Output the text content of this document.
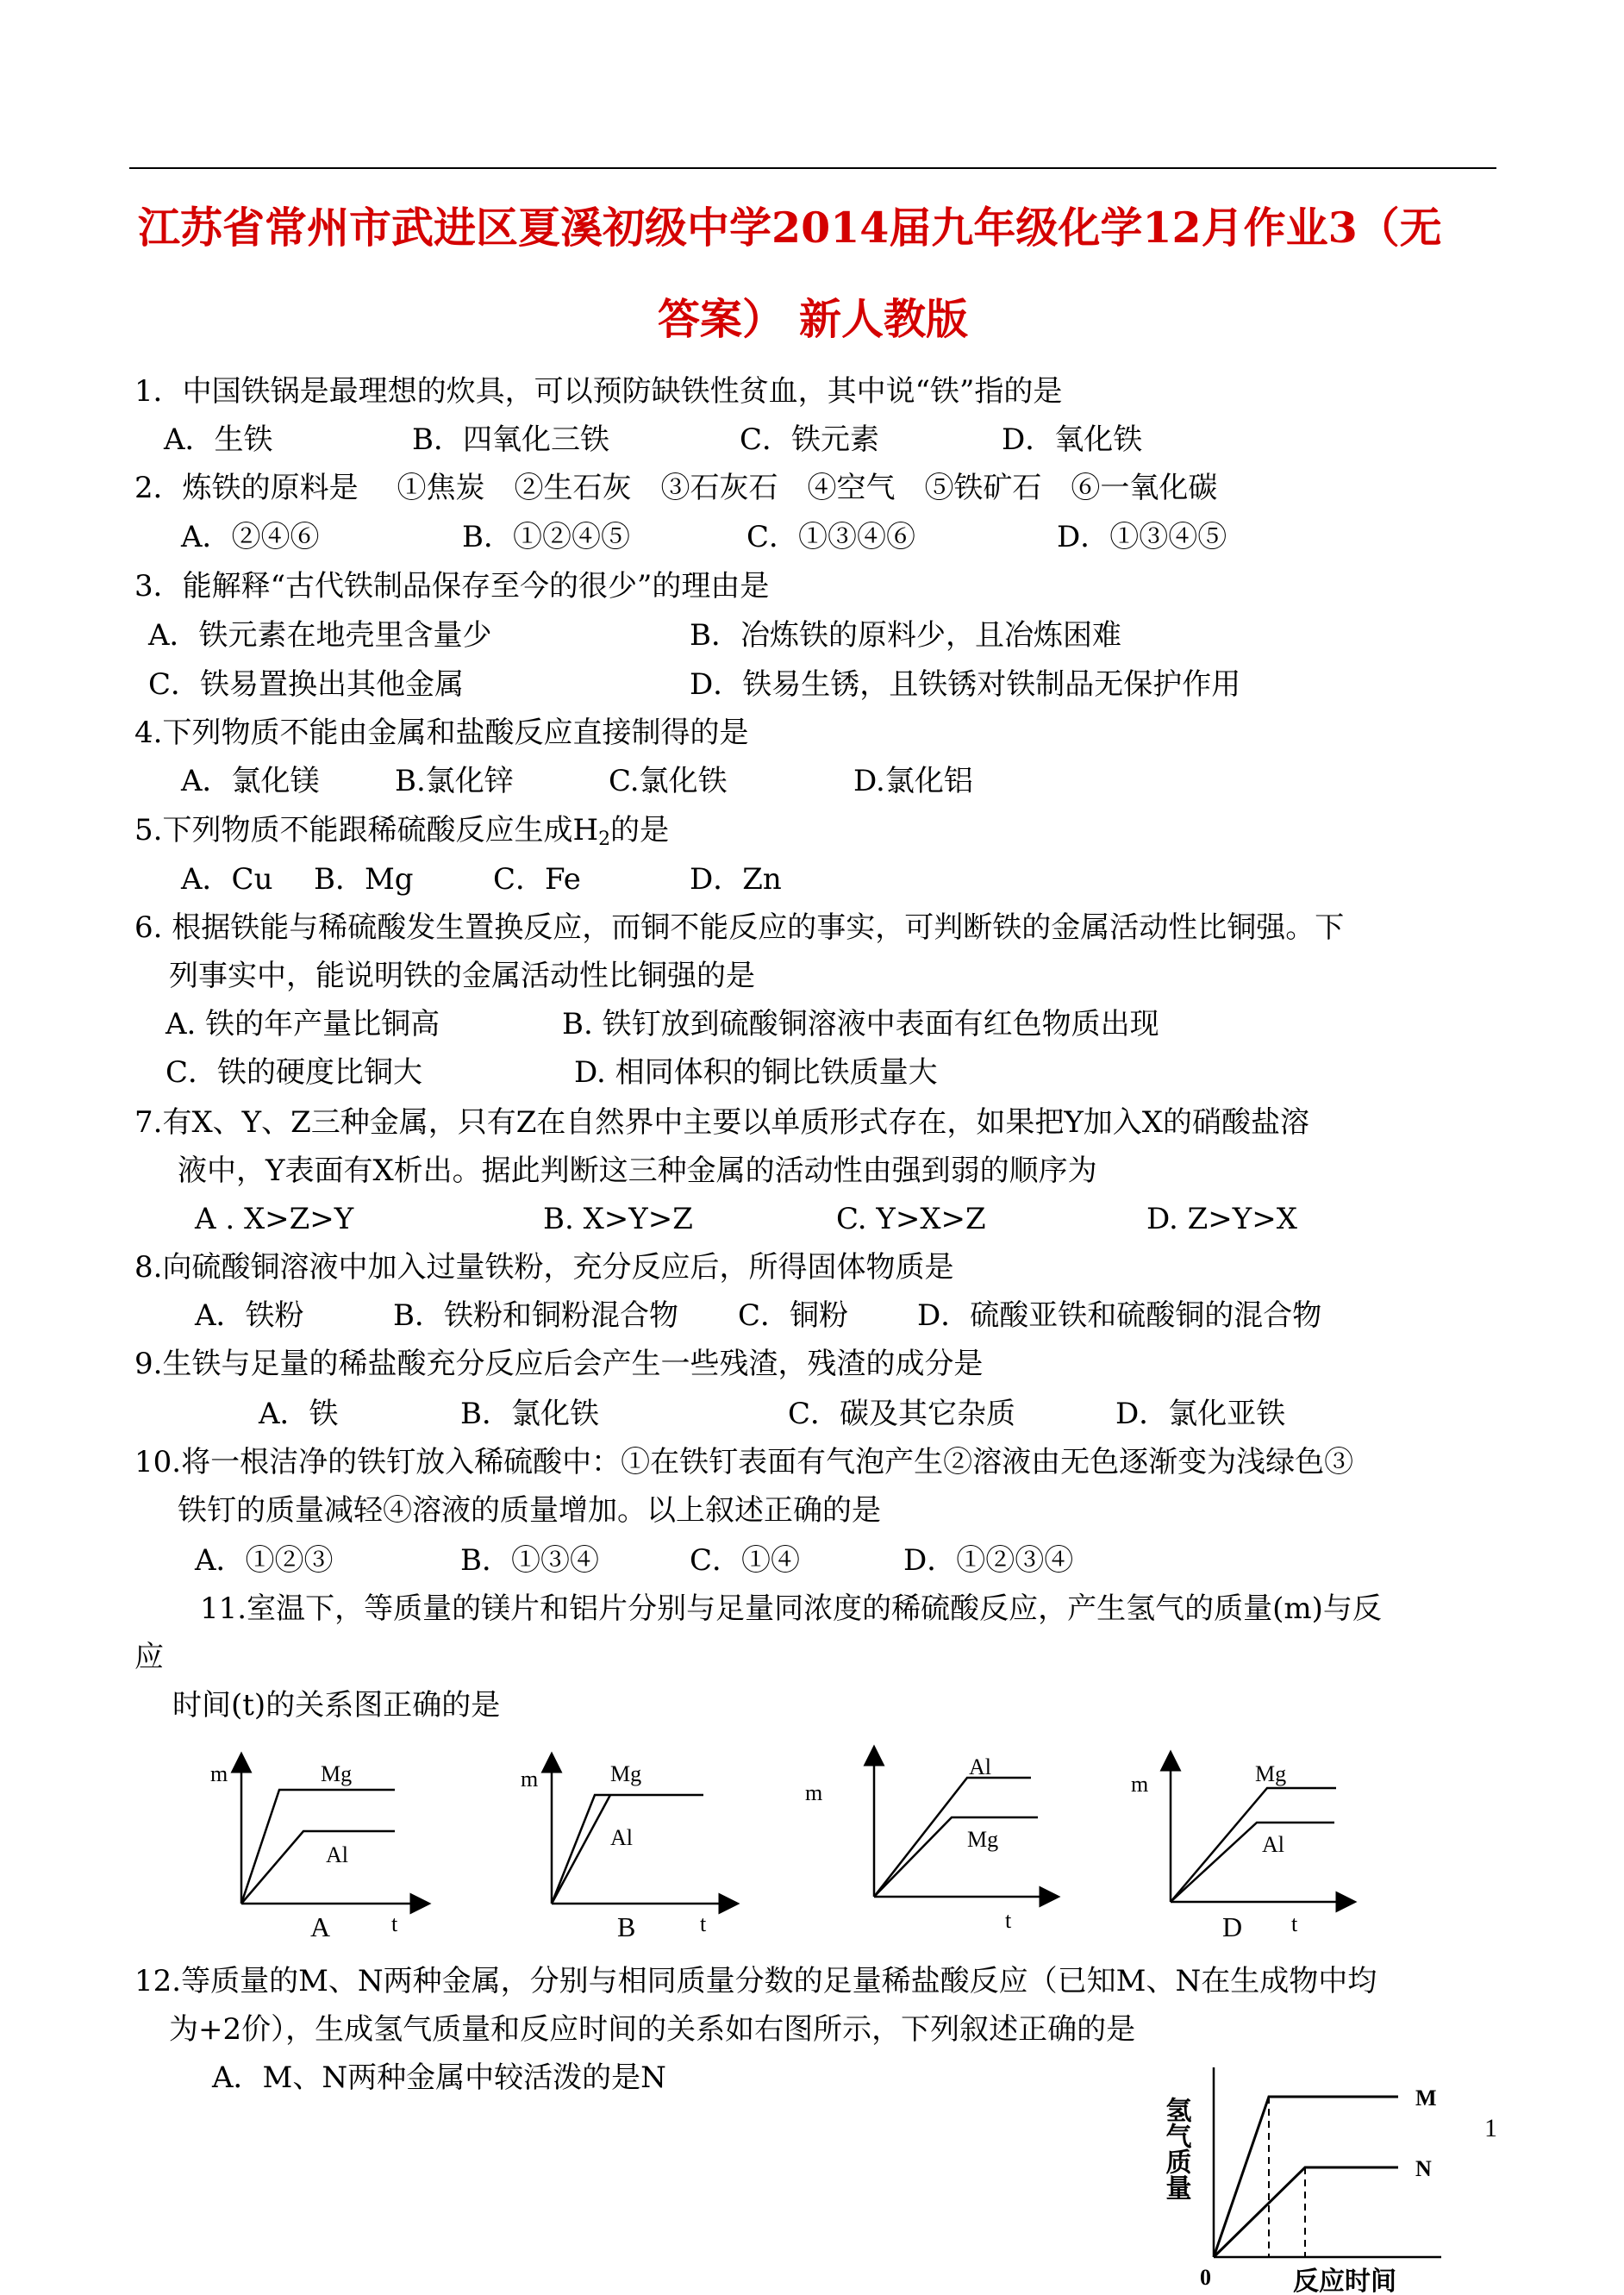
江苏省常州市武进区夏溪初级中学2014届九年级化学12月作业3（无
答案） 新人教版
1．中国铁锅是最理想的炊具，可以预防缺铁性贫血，其中说“铁”指的是
A．生铁	B．四氧化三铁	C．铁元素	D．氧化铁
2．炼铁的原料是　 ①焦炭　②生石灰　③石灰石　④空气　⑤铁矿石　⑥一氧化碳
A．②④⑥	B．①②④⑤	C．①③④⑥	D．①③④⑤
3．能解释“古代铁制品保存至今的很少”的理由是
A．铁元素在地壳里含量少	B．冶炼铁的原料少，且冶炼困难
C．铁易置换出其他金属	D．铁易生锈，且铁锈对铁制品无保护作用
4.下列物质不能由金属和盐酸反应直接制得的是
A．氯化镁	B.氯化锌	C.氯化铁	D.氯化铝
5.下列物质不能跟稀硫酸反应生成$H_2$的是
A．Cu B．Mg	C．Fe	D．Zn
6. 根据铁能与稀硫酸发生置换反应，而铜不能反应的事实，可判断铁的金属活动性比铜强。下
列事实中，能说明铁的金属活动性比铜强的是
A. 铁的年产量比铜高	B. 铁钉放到硫酸铜溶液中表面有红色物质出现
C．铁的硬度比铜大	D. 相同体积的铜比铁质量大
7.有X、Y、Z三种金属，只有Z在自然界中主要以单质形式存在，如果把Y加入X的硝酸盐溶
液中，Y表面有X析出。据此判断这三种金属的活动性由强到弱的顺序为
A . X>Z>Y	B. X>Y>Z	C. Y>X>Z	D. Z>Y>X
8.向硫酸铜溶液中加入过量铁粉，充分反应后，所得固体物质是
A．铁粉	B．铁粉和铜粉混合物 C．铜粉 D．硫酸亚铁和硫酸铜的混合物
9.生铁与足量的稀盐酸充分反应后会产生一些残渣，残渣的成分是
A．铁	B．氯化铁	C．碳及其它杂质	D．氯化亚铁
10.将一根洁净的铁钉放入稀硫酸中：①在铁钉表面有气泡产生②溶液由无色逐渐变为浅绿色③
铁钉的质量减轻④溶液的质量增加。以上叙述正确的是
A．①②③	B．①③④	C．①④	D．①②③④
11.室温下，等质量的镁片和铝片分别与足量同浓度的稀硫酸反应，产生氢气的质量(m)与反
应
时间(t)的关系图正确的是
m
t
Mg
Al
A
m
t
Mg
Al
B
m
t
Mg
Al
m
t
Mg
Al
D
12.等质量的M、N两种金属，分别与相同质量分数的足量稀盐酸反应（已知M、N在生成物中均
为+2价），生成氢气质量和反应时间的关系如右图所示，下列叙述正确的是
A．M、N两种金属中较活泼的是N
氢气质量
反应时间
0
M
N
1
